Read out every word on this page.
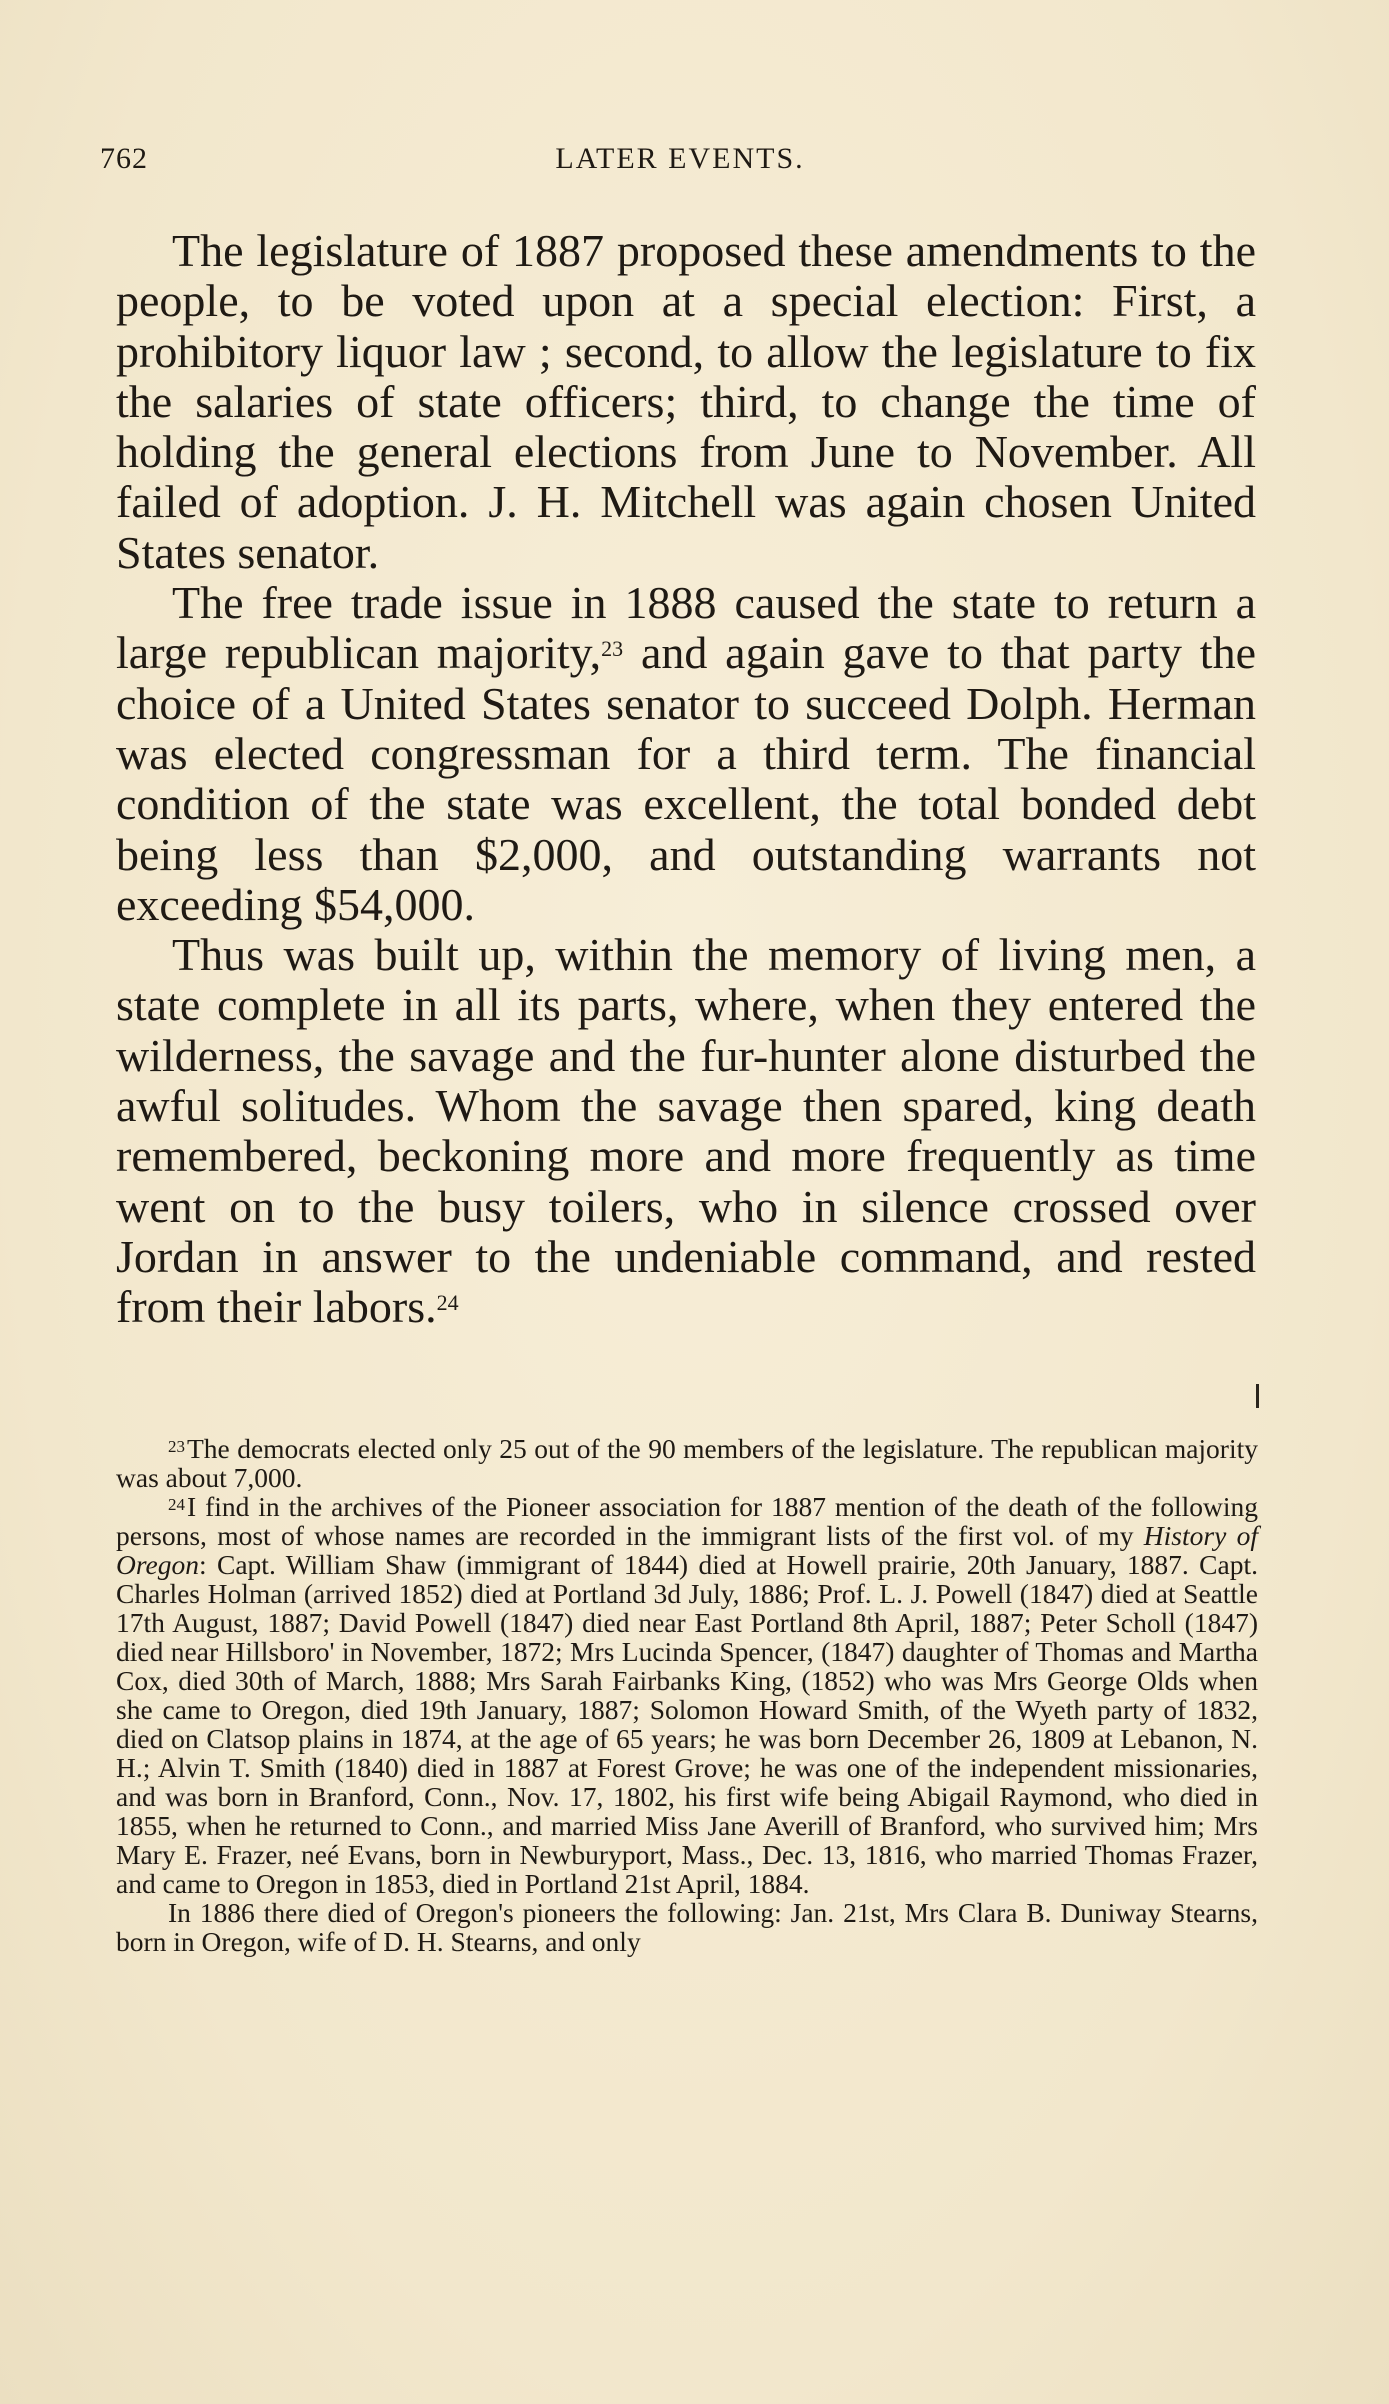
762	LATER EVENTS.

The legislature of 1887 proposed these amendments to the people, to be voted upon at a special election: First, a prohibitory liquor law ; second, to allow the legislature to fix the salaries of state officers; third, to change the time of holding the general elections from June to November. All failed of adoption. J. H. Mitchell was again chosen United States senator.

The free trade issue in 1888 caused the state to return a large republican majority,$^{23}$ and again gave to that party the choice of a United States senator to succeed Dolph. Herman was elected congressman for a third term. The financial condition of the state was excellent, the total bonded debt being less than $2,000, and outstanding warrants not exceeding $54,000.

Thus was built up, within the memory of living men, a state complete in all its parts, where, when they entered the wilderness, the savage and the fur-hunter alone disturbed the awful solitudes. Whom the savage then spared, king death remembered, beckoning more and more frequently as time went on to the busy toilers, who in silence crossed over Jordan in answer to the undeniable command, and rested from their labors.$^{24}$

$^{23}$The democrats elected only 25 out of the 90 members of the legislature. The republican majority was about 7,000.

$^{24}$I find in the archives of the Pioneer association for 1887 mention of the death of the following persons, most of whose names are recorded in the immigrant lists of the first vol. of my History of Oregon: Capt. William Shaw (immigrant of 1844) died at Howell prairie, 20th January, 1887. Capt. Charles Holman (arrived 1852) died at Portland 3d July, 1886; Prof. L. J. Powell (1847) died at Seattle 17th August, 1887; David Powell (1847) died near East Portland 8th April, 1887; Peter Scholl (1847) died near Hillsboro' in November, 1872; Mrs Lucinda Spencer, (1847) daughter of Thomas and Martha Cox, died 30th of March, 1888; Mrs Sarah Fairbanks King, (1852) who was Mrs George Olds when she came to Oregon, died 19th January, 1887; Solomon Howard Smith, of the Wyeth party of 1832, died on Clatsop plains in 1874, at the age of 65 years; he was born December 26, 1809 at Lebanon, N. H.; Alvin T. Smith (1840) died in 1887 at Forest Grove; he was one of the independent missionaries, and was born in Branford, Conn., Nov. 17, 1802, his first wife being Abigail Raymond, who died in 1855, when he returned to Conn., and married Miss Jane Averill of Branford, who survived him; Mrs Mary E. Frazer, neé Evans, born in Newburyport, Mass., Dec. 13, 1816, who married Thomas Frazer, and came to Oregon in 1853, died in Portland 21st April, 1884.

In 1886 there died of Oregon's pioneers the following: Jan. 21st, Mrs Clara B. Duniway Stearns, born in Oregon, wife of D. H. Stearns, and only
